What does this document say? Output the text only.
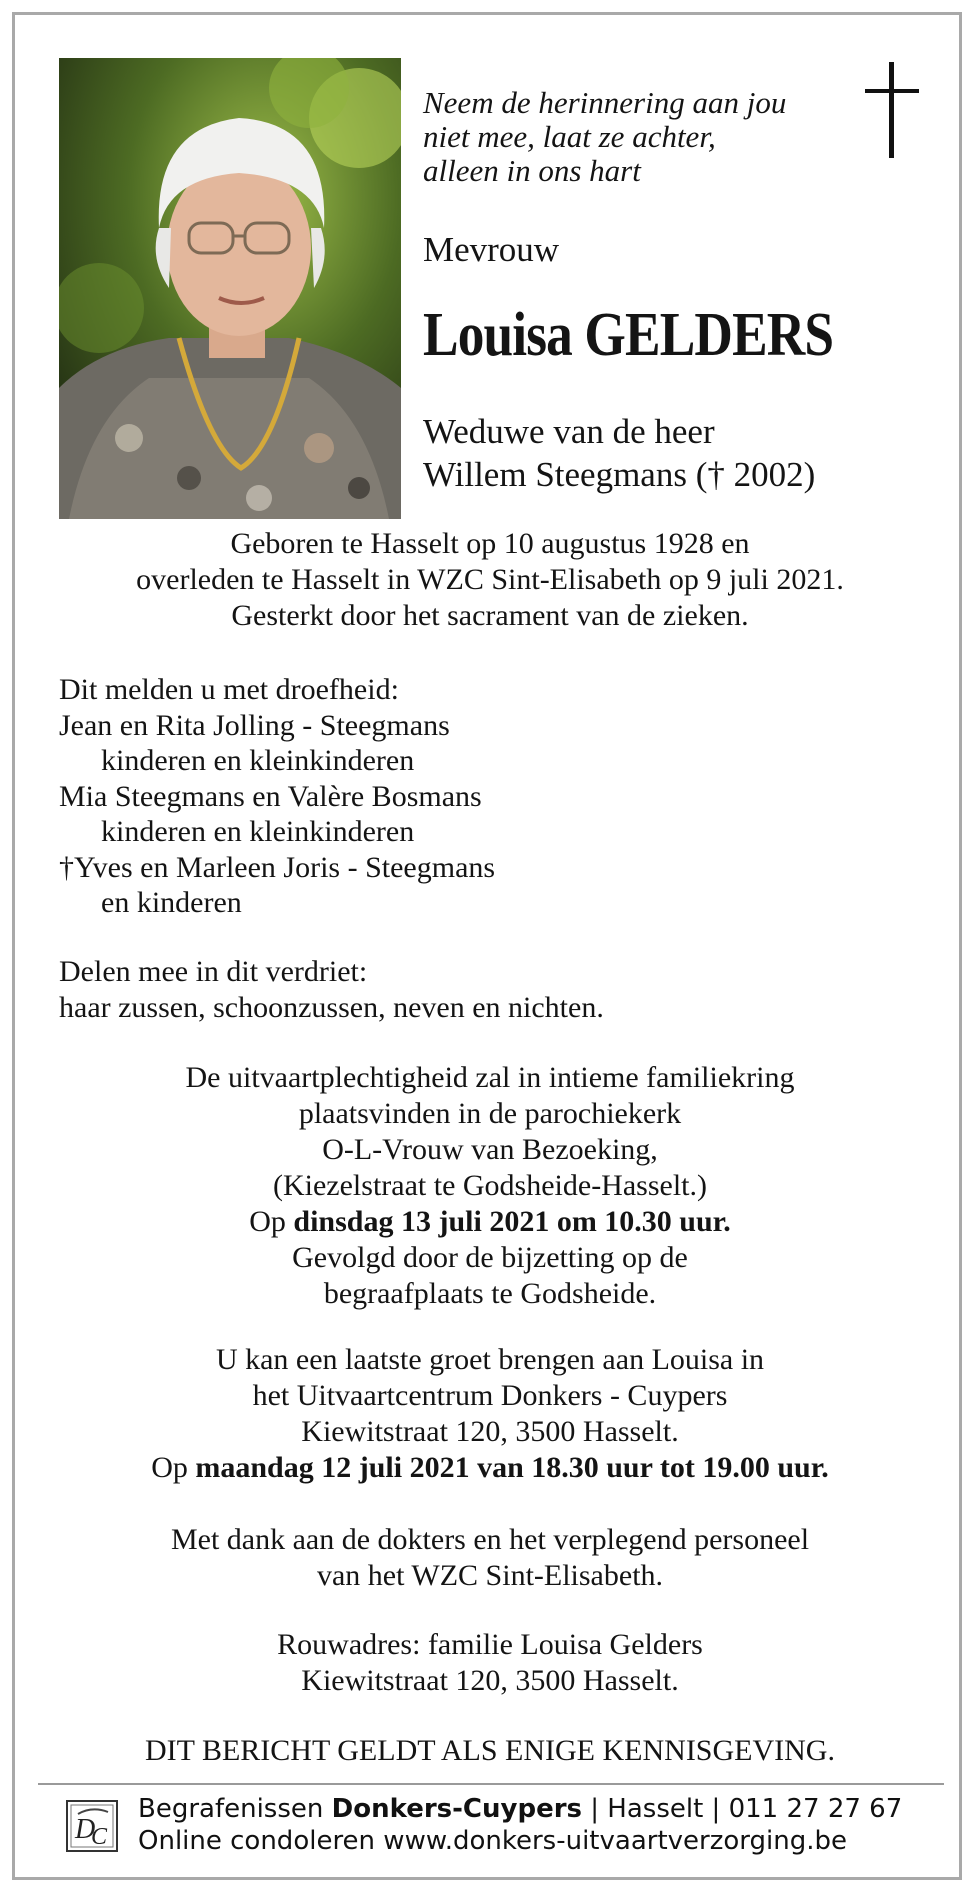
Neem de herinnering aan jou
niet mee, laat ze achter,
alleen in ons hart
Mevrouw
Louisa GELDERS
Weduwe van de heer
Willem Steegmans († 2002)
Geboren te Hasselt op 10 augustus 1928 en
overleden te Hasselt in WZC Sint-Elisabeth op 9 juli 2021.
Gesterkt door het sacrament van de zieken.
Dit melden u met droefheid:
Jean en Rita Jolling - Steegmans
kinderen en kleinkinderen
Mia Steegmans en Valère Bosmans
kinderen en kleinkinderen
†Yves en Marleen Joris - Steegmans
en kinderen
Delen mee in dit verdriet:
haar zussen, schoonzussen, neven en nichten.
De uitvaartplechtigheid zal in intieme familiekring
plaatsvinden in de parochiekerk
O-L-Vrouw van Bezoeking,
(Kiezelstraat te Godsheide-Hasselt.)
Op dinsdag 13 juli 2021 om 10.30 uur.
Gevolgd door de bijzetting op de
begraafplaats te Godsheide.
U kan een laatste groet brengen aan Louisa in
het Uitvaartcentrum Donkers - Cuypers
Kiewitstraat 120, 3500 Hasselt.
Op maandag 12 juli 2021 van 18.30 uur tot 19.00 uur.
Met dank aan de dokters en het verplegend personeel
van het WZC Sint-Elisabeth.
Rouwadres: familie Louisa Gelders
Kiewitstraat 120, 3500 Hasselt.
DIT BERICHT GELDT ALS ENIGE KENNISGEVING.
D
C
Begrafenissen Donkers-Cuypers | Hasselt | 011 27 27 67
Online condoleren www.donkers-uitvaartverzorging.be
